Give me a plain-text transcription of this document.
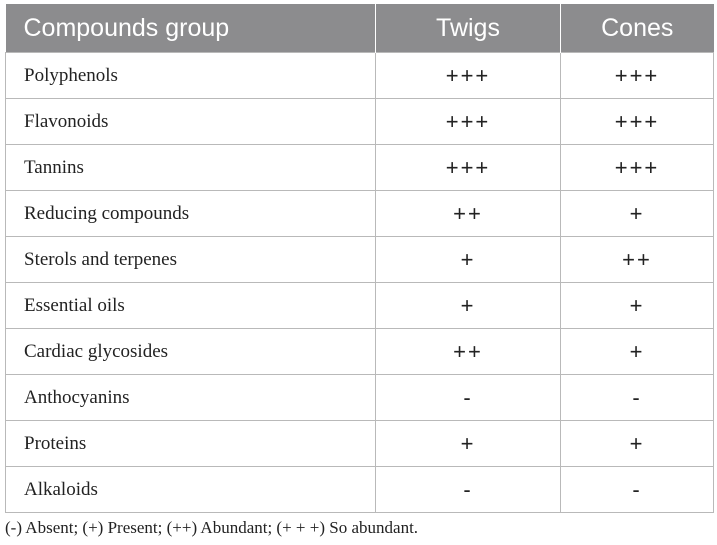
Compounds group	Twigs	Cones
Polyphenols	+++	+++
Flavonoids	+++	+++
Tannins	+++	+++
Reducing compounds	++	+
Sterols and terpenes	+	++
Essential oils	+	+
Cardiac glycosides	++	+
Anthocyanins	-	-
Proteins	+	+
Alkaloids	-	-
(-) Absent; (+) Present; (++) Abundant; (+ + +) So abundant.
